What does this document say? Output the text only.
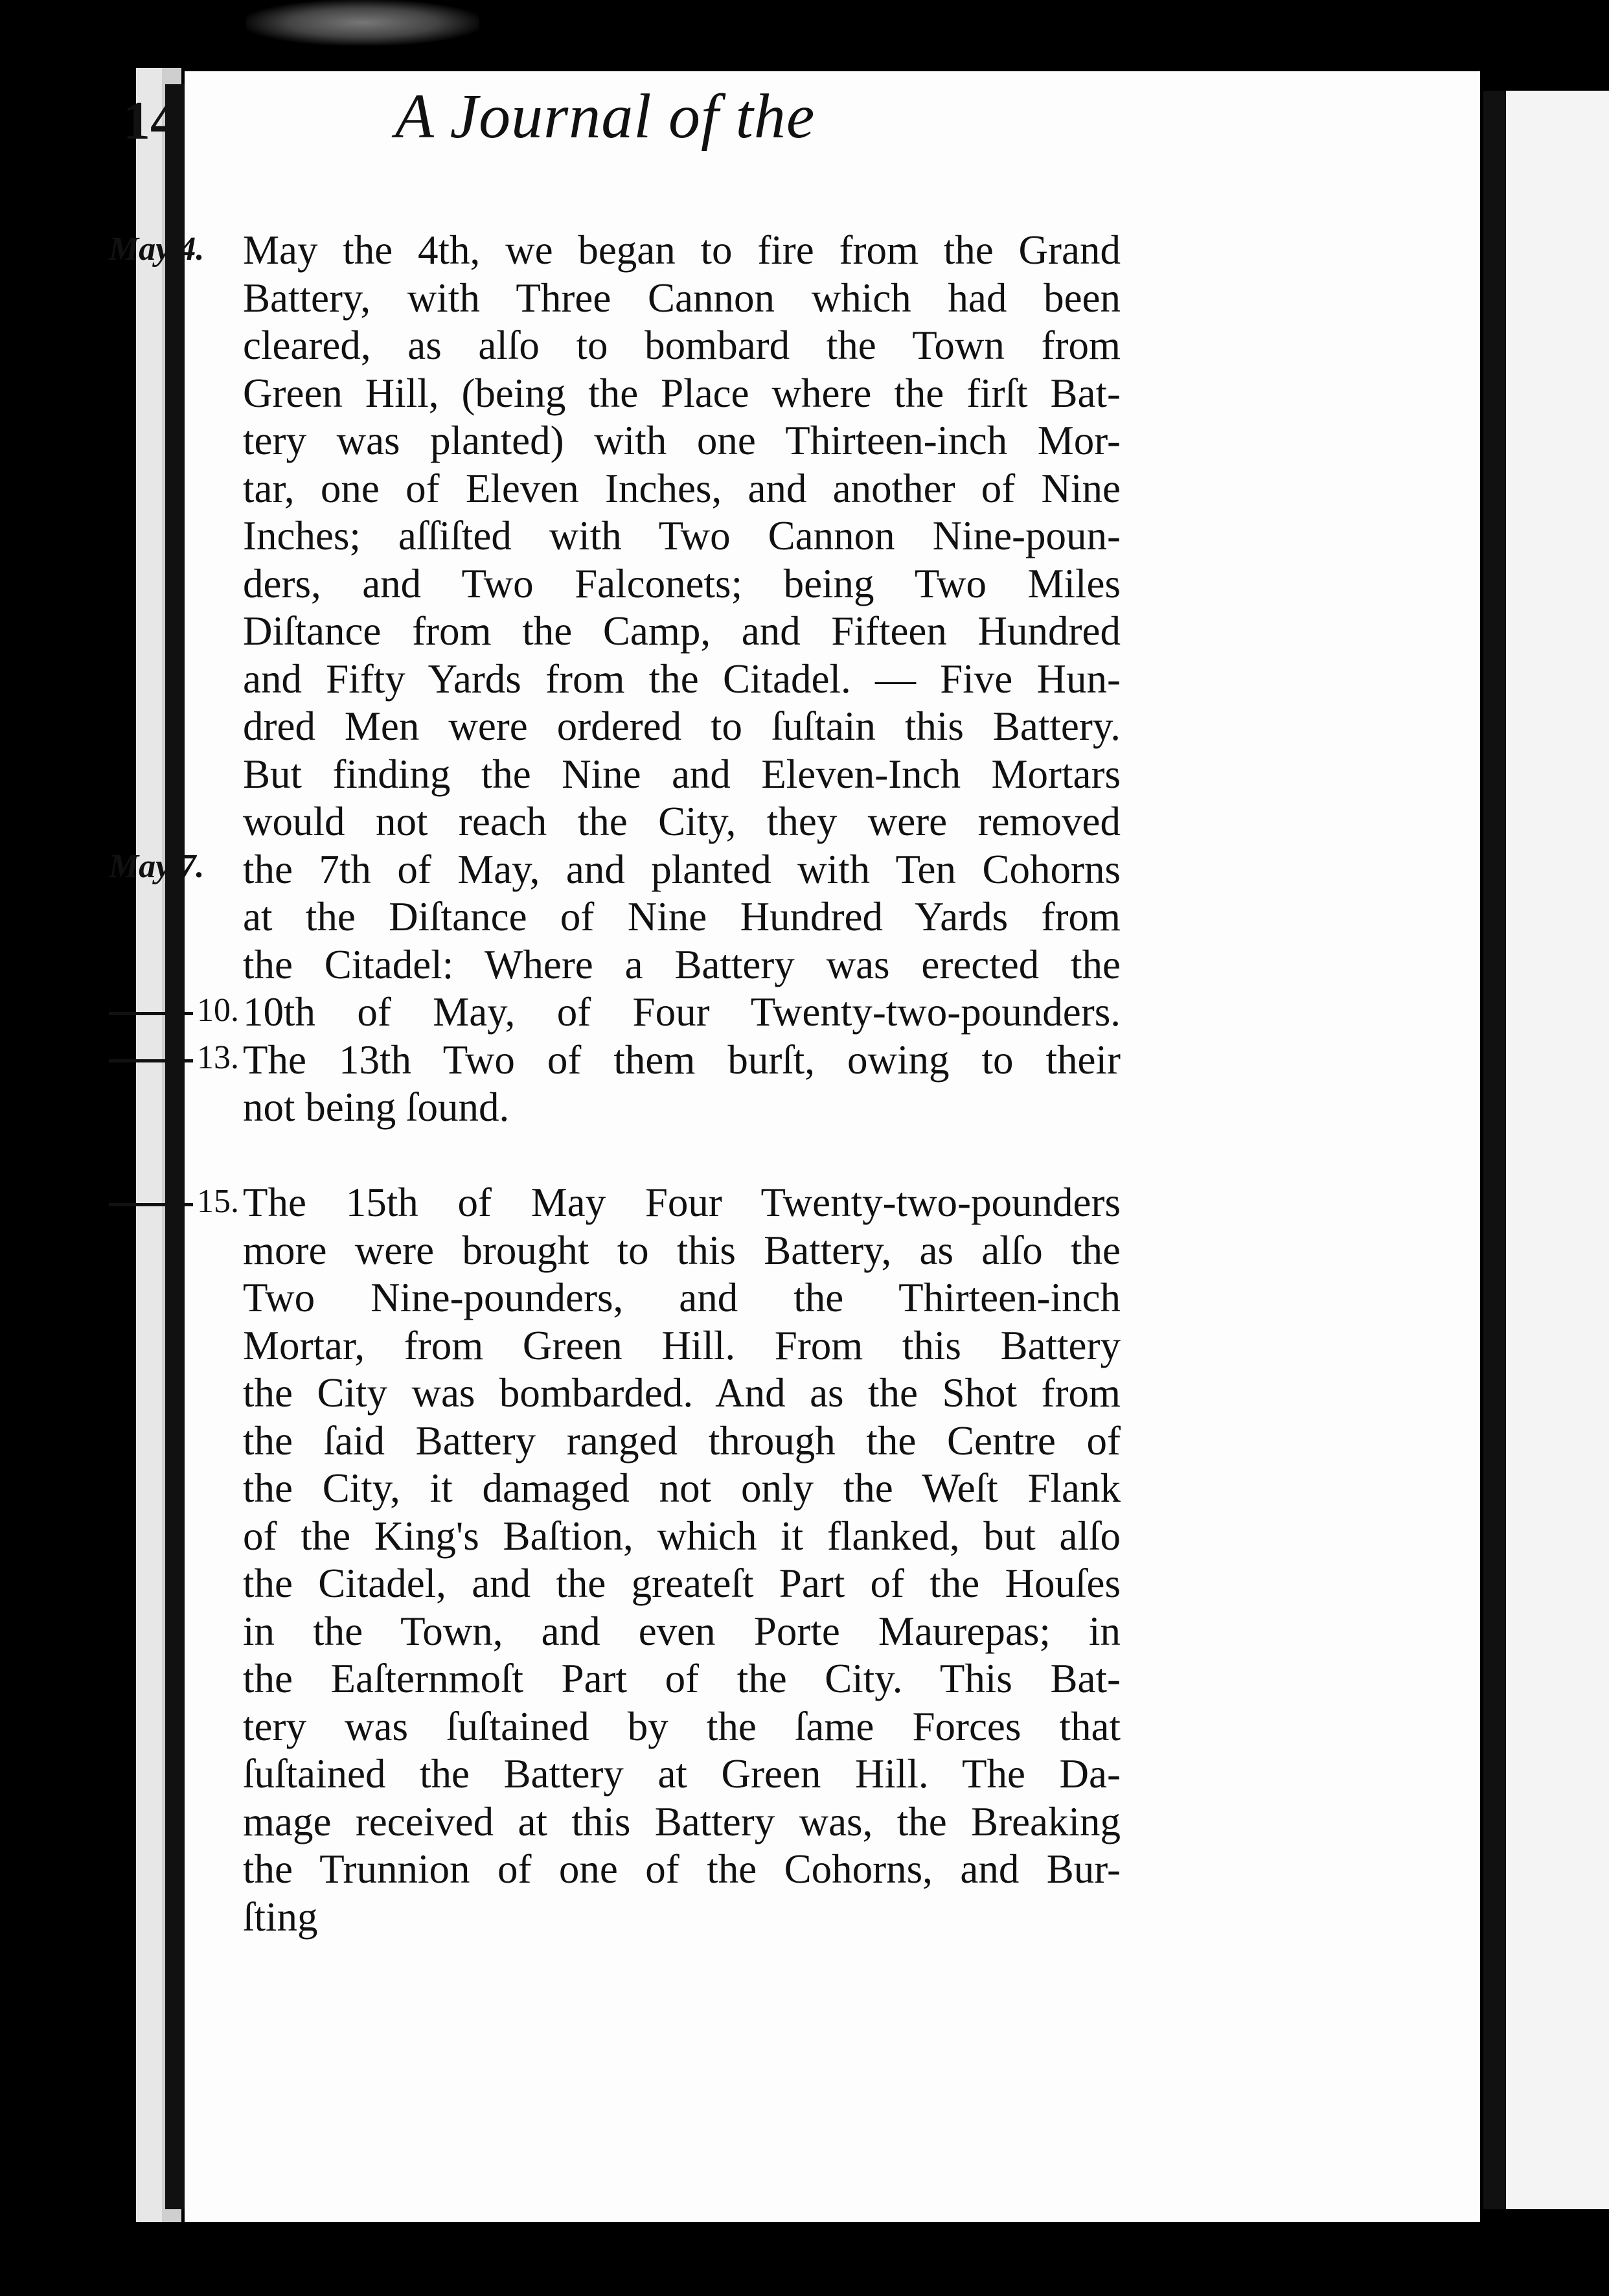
14	A Journal of the
May 4.
May 7.
10.
13.
15.
May the 4th, we began to fire from the Grand
Battery, with Three Cannon which had been
cleared, as alſo to bombard the Town from
Green Hill, (being the Place where the firſt Bat-
tery was planted) with one Thirteen-inch Mor-
tar, one of Eleven Inches, and another of Nine
Inches; aſſiſted with Two Cannon Nine-poun-
ders, and Two Falconets; being Two Miles
Diſtance from the Camp, and Fifteen Hundred
and Fifty Yards from the Citadel. — Five Hun-
dred Men were ordered to ſuſtain this Battery.
But finding the Nine and Eleven-Inch Mortars
would not reach the City, they were removed
the 7th of May, and planted with Ten Cohorns
at the Diſtance of Nine Hundred Yards from
the Citadel: Where a Battery was erected the
10th of May, of Four Twenty-two-pounders.
The 13th Two of them burſt, owing to their
not being ſound.
The 15th of May Four Twenty-two-pounders
more were brought to this Battery, as alſo the
Two Nine-pounders, and the Thirteen-inch
Mortar, from Green Hill. From this Battery
the City was bombarded. And as the Shot from
the ſaid Battery ranged through the Centre of
the City, it damaged not only the Weſt Flank
of the King's Baſtion, which it flanked, but alſo
the Citadel, and the greateſt Part of the Houſes
in the Town, and even Porte Maurepas; in
the Eaſternmoſt Part of the City. This Bat-
tery was ſuſtained by the ſame Forces that
ſuſtained the Battery at Green Hill. The Da-
mage received at this Battery was, the Breaking
the Trunnion of one of the Cohorns, and Bur-
ſting
